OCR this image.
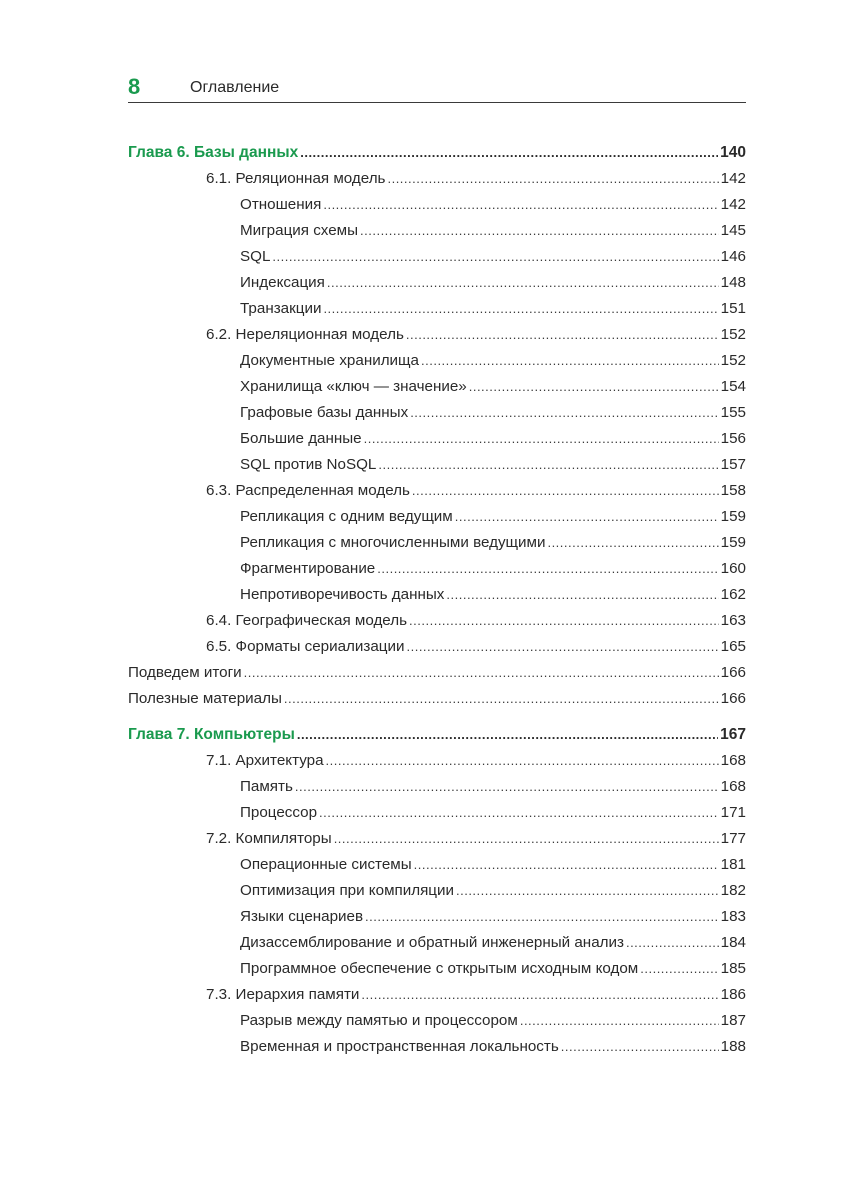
8	Оглавление
Глава 6. Базы данных .....	140
6.1. Реляционная модель .....	142
Отношения .....	142
Миграция схемы .....	145
SQL .....	146
Индексация .....	148
Транзакции .....	151
6.2. Нереляционная модель .....	152
Документные хранилища .....	152
Хранилища «ключ — значение» .....	154
Графовые базы данных .....	155
Большие данные .....	156
SQL против NoSQL .....	157
6.3. Распределенная модель .....	158
Репликация с одним ведущим .....	159
Репликация с многочисленными ведущими .....	159
Фрагментирование .....	160
Непротиворечивость данных .....	162
6.4. Географическая модель .....	163
6.5. Форматы сериализации .....	165
Подведем итоги .....	166
Полезные материалы .....	166
Глава 7. Компьютеры .....	167
7.1. Архитектура .....	168
Память .....	168
Процессор .....	171
7.2. Компиляторы .....	177
Операционные системы .....	181
Оптимизация при компиляции .....	182
Языки сценариев .....	183
Дизассемблирование и обратный инженерный анализ .....	184
Программное обеспечение с открытым исходным кодом .....	185
7.3. Иерархия памяти .....	186
Разрыв между памятью и процессором .....	187
Временная и пространственная локальность .....	188
